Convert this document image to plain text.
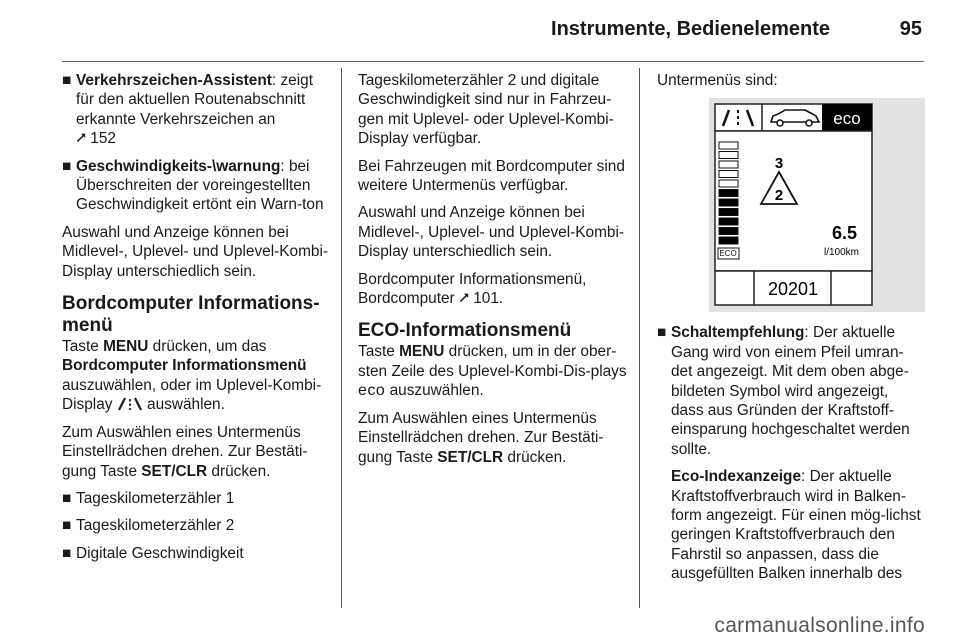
Instrumente, Bedienelemente	95
■ Verkehrszeichen-Assistent: zeigt für den aktuellen Routenabschnitt erkannte Verkehrszeichen an
⭧ 152
■ Geschwindigkeits-\warnung: bei Überschreiten der voreingestellten Geschwindigkeit ertönt ein Warn-ton

Auswahl und Anzeige können bei Midlevel-, Uplevel- und Uplevel-Kombi-Display unterschiedlich sein.

Bordcomputer Informations-menü

Taste MENU drücken, um das Bordcomputer Informationsmenü auszuwählen, oder im Uplevel-Kombi-Display  auswählen.

Zum Auswählen eines Untermenüs Einstellrädchen drehen. Zur Bestäti-gung Taste SET/CLR drücken.

■ Tageskilometerzähler 1
■ Tageskilometerzähler 2
■ Digitale Geschwindigkeit

Tageskilometerzähler 2 und digitale Geschwindigkeit sind nur in Fahrzeu-gen mit Uplevel- oder Uplevel-Kombi-Display verfügbar.

Bei Fahrzeugen mit Bordcomputer sind weitere Untermenüs verfügbar.

Auswahl und Anzeige können bei Midlevel-, Uplevel- und Uplevel-Kombi-Display unterschiedlich sein.

Bordcomputer Informationsmenü, Bordcomputer ⭧ 101.

ECO-Informationsmenü

Taste MENU drücken, um in der ober-sten Zeile des Uplevel-Kombi-Dis-plays eco auszuwählen.

Zum Auswählen eines Untermenüs Einstellrädchen drehen. Zur Bestäti-gung Taste SET/CLR drücken.

Untermenüs sind:

eco
ECO
3
2
6.5
l/100km
20201
■ Schaltempfehlung: Der aktuelle Gang wird von einem Pfeil umran-det angezeigt. Mit dem oben abge-bildeten Symbol wird angezeigt, dass aus Gründen der Kraftstoff-einsparung hochgeschaltet werden sollte.
Eco-Indexanzeige: Der aktuelle Kraftstoffverbrauch wird in Balken-form angezeigt. Für einen mög-lichst geringen Kraftstoffverbrauch den Fahrstil so anpassen, dass die ausgefüllten Balken innerhalb des
carmanualsonline.info
